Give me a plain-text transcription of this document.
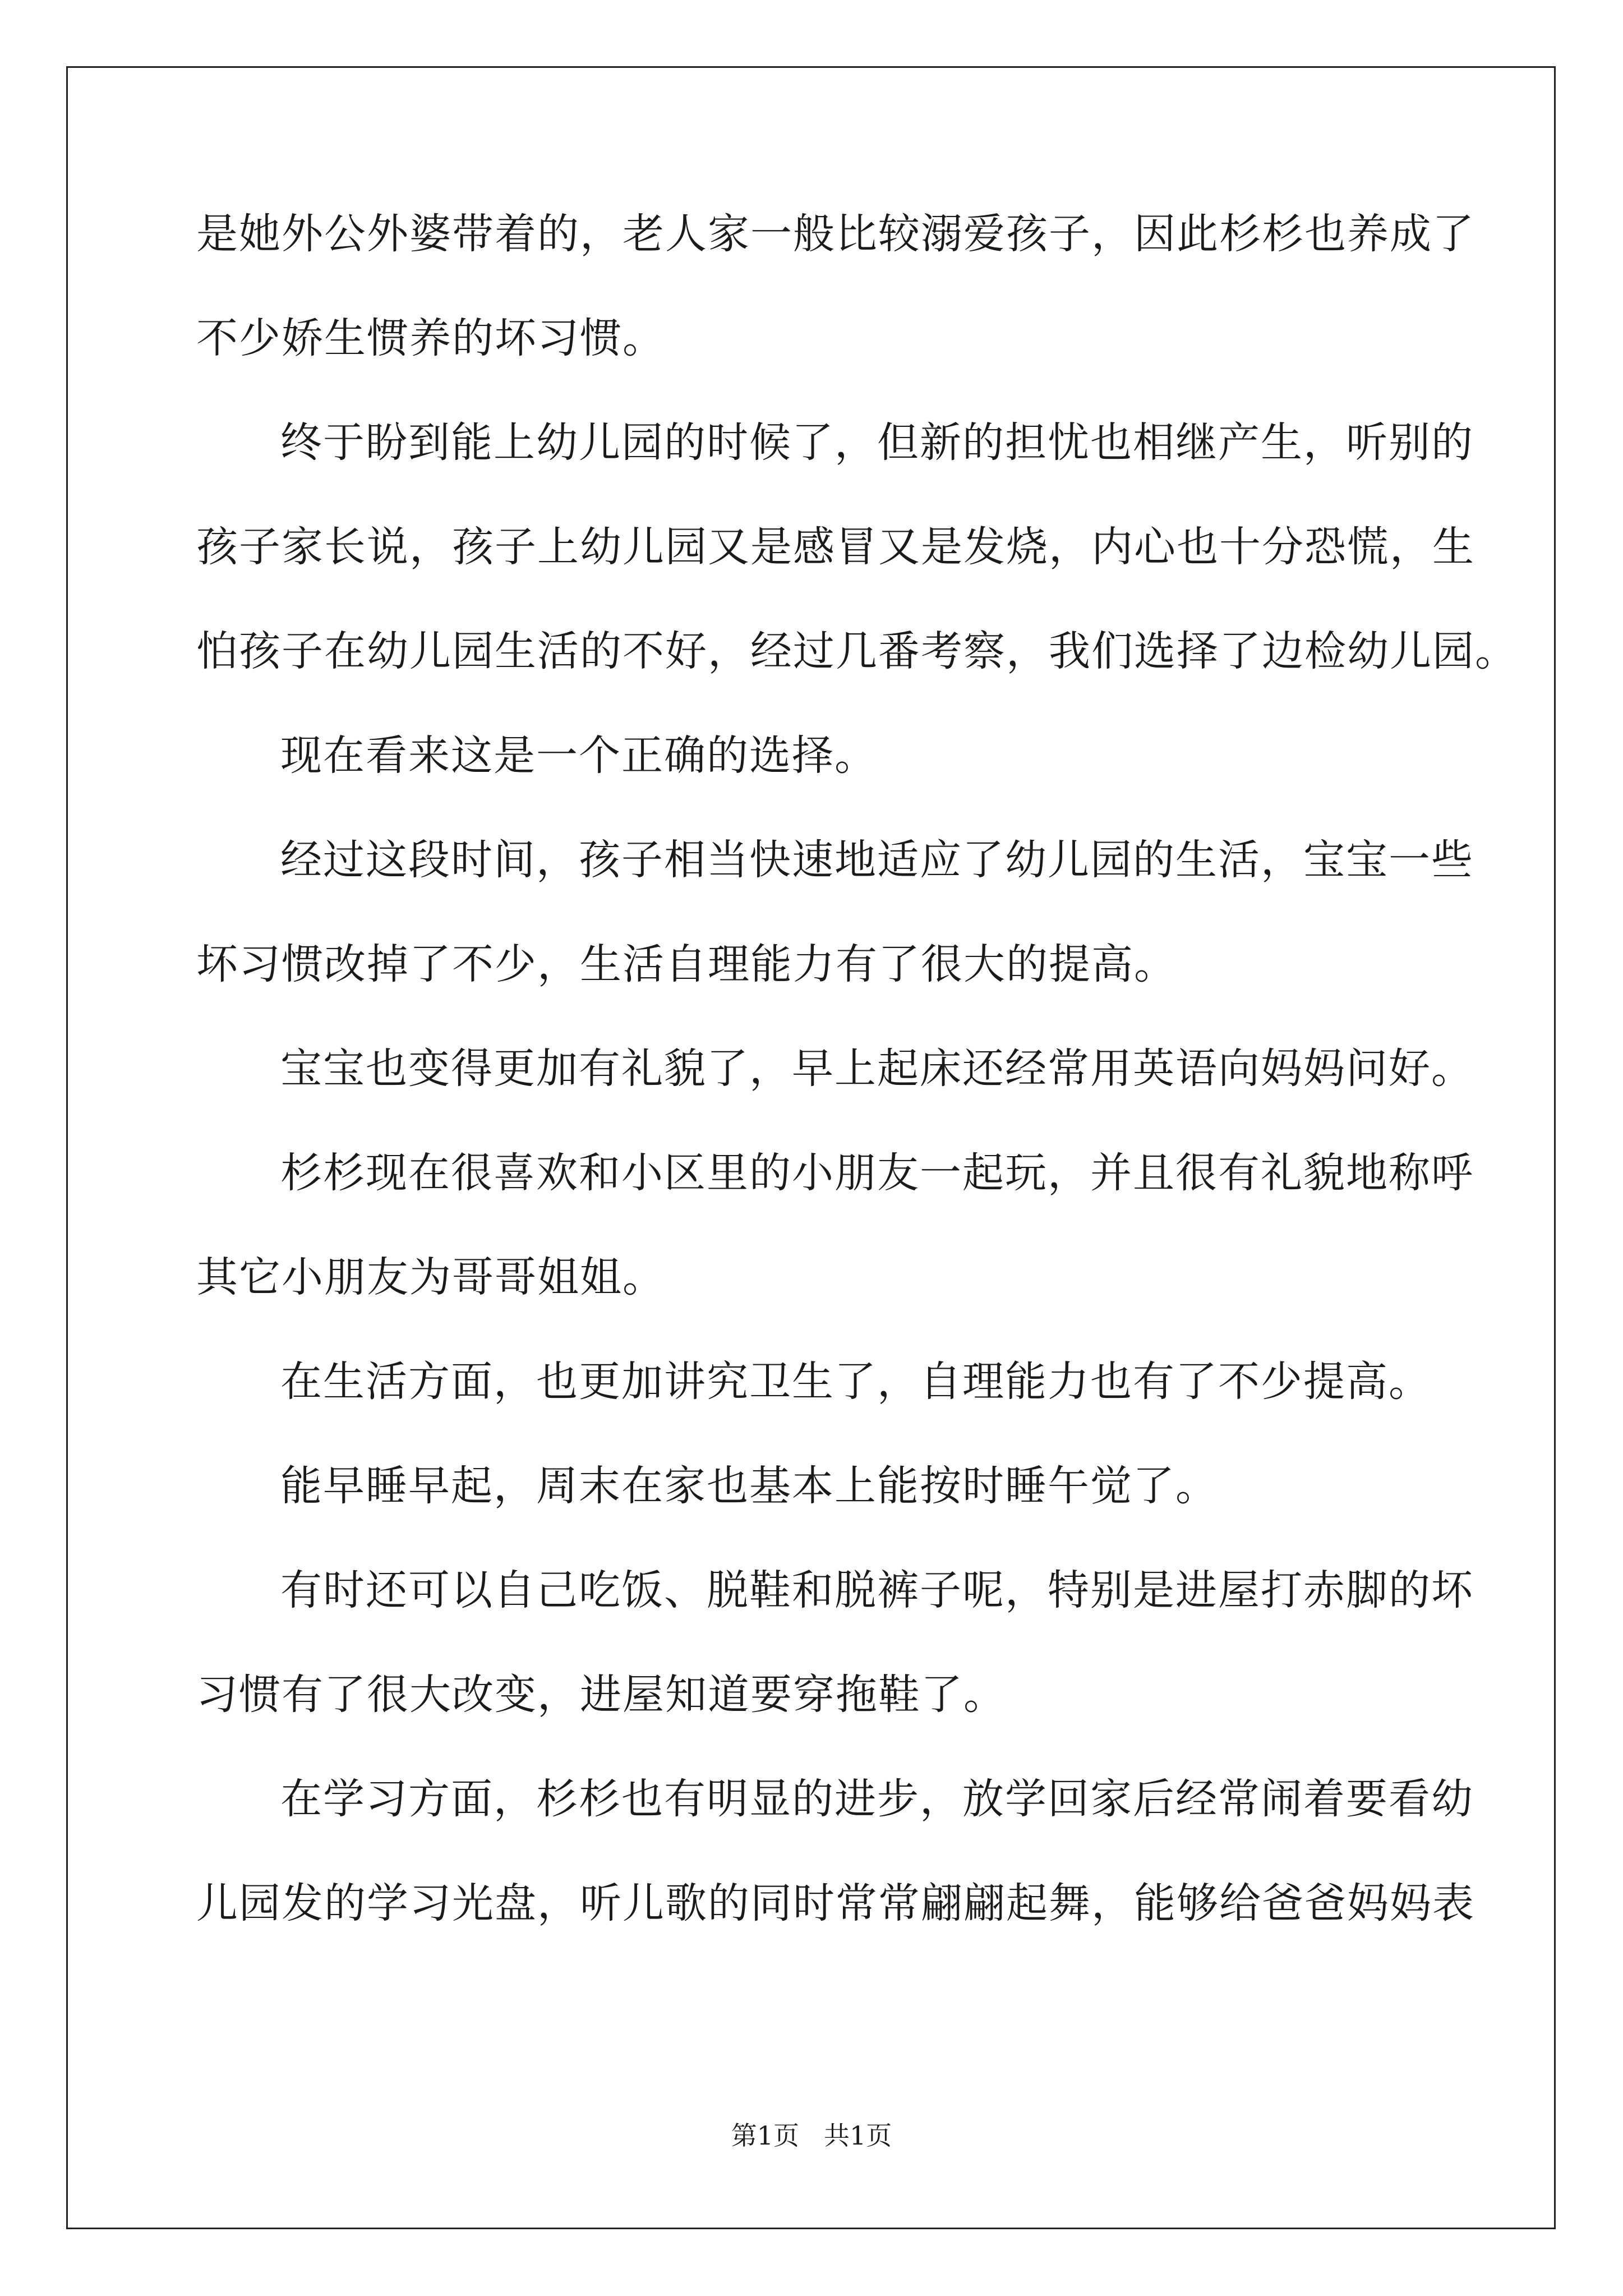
是她外公外婆带着的，老人家一般比较溺爱孩子，因此杉杉也养成了
不少娇生惯养的坏习惯。
终于盼到能上幼儿园的时候了，但新的担忧也相继产生，听别的
孩子家长说，孩子上幼儿园又是感冒又是发烧，内心也十分恐慌，生
怕孩子在幼儿园生活的不好，经过几番考察，我们选择了边检幼儿园。
现在看来这是一个正确的选择。
经过这段时间，孩子相当快速地适应了幼儿园的生活，宝宝一些
坏习惯改掉了不少，生活自理能力有了很大的提高。
宝宝也变得更加有礼貌了，早上起床还经常用英语向妈妈问好。
杉杉现在很喜欢和小区里的小朋友一起玩，并且很有礼貌地称呼
其它小朋友为哥哥姐姐。
在生活方面，也更加讲究卫生了，自理能力也有了不少提高。
能早睡早起，周末在家也基本上能按时睡午觉了。
有时还可以自己吃饭、脱鞋和脱裤子呢，特别是进屋打赤脚的坏
习惯有了很大改变，进屋知道要穿拖鞋了。
在学习方面，杉杉也有明显的进步，放学回家后经常闹着要看幼
儿园发的学习光盘，听儿歌的同时常常翩翩起舞，能够给爸爸妈妈表
第1页 共1页
